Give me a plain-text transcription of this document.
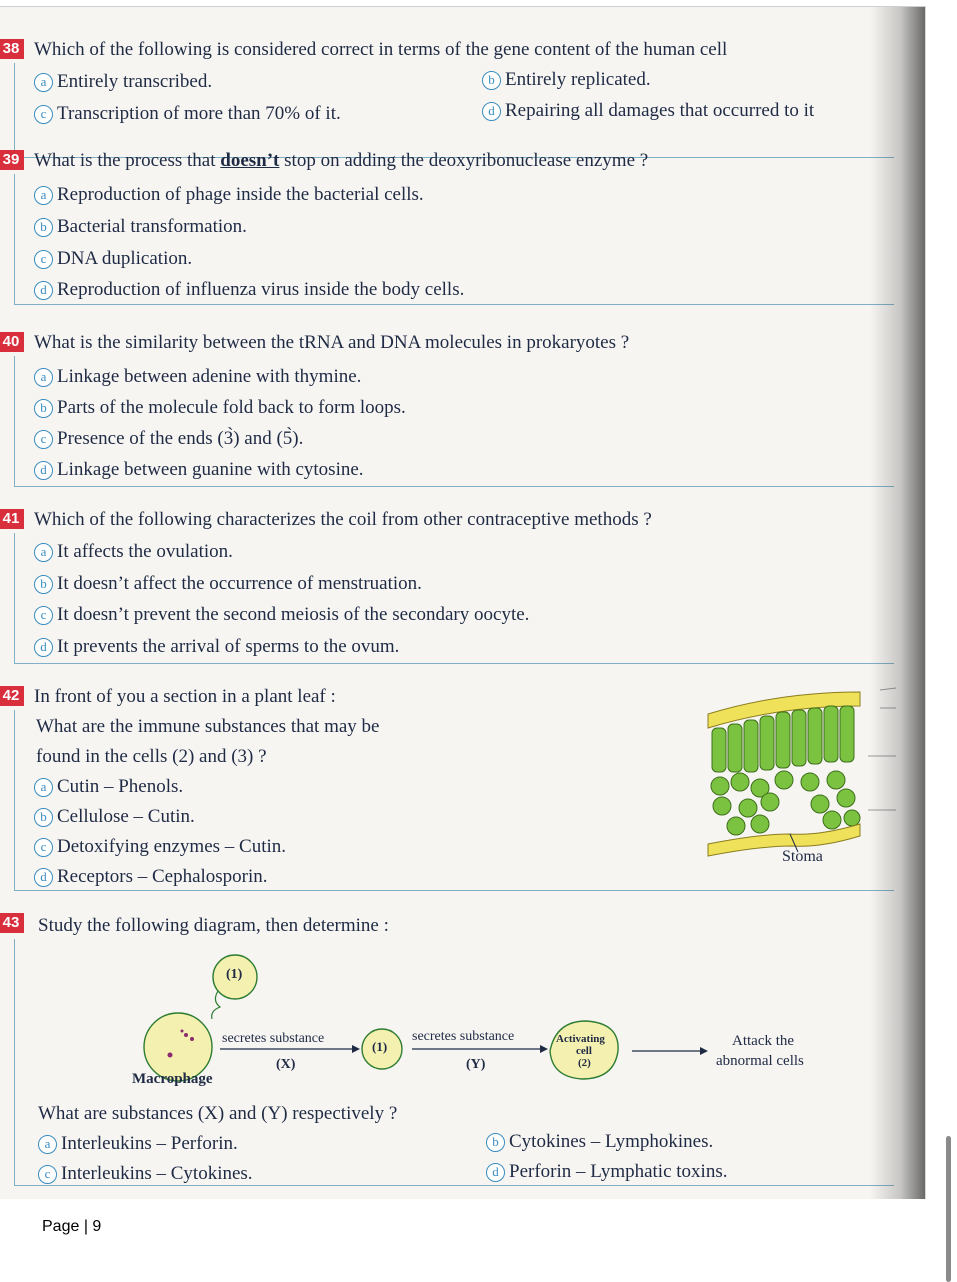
38 Which of the following is considered correct in terms of the gene content of the human cell
a Entirely transcribed.	b Entirely replicated.
c Transcription of more than 70% of it.	d Repairing all damages that occurred to it
39 What is the process that doesn’t stop on adding the deoxyribonuclease enzyme ?
a Reproduction of phage inside the bacterial cells.
b Bacterial transformation.
c DNA duplication.
d Reproduction of influenza virus inside the body cells.
40 What is the similarity between the tRNA and DNA molecules in prokaryotes ?
a Linkage between adenine with thymine.
b Parts of the molecule fold back to form loops.
c Presence of the ends (3̀) and (5̀).
d Linkage between guanine with cytosine.
41 Which of the following characterizes the coil from other contraceptive methods ?
a It affects the ovulation.
b It doesn’t affect the occurrence of menstruation.
c It doesn’t prevent the second meiosis of the secondary oocyte.
d It prevents the arrival of sperms to the ovum.
42 In front of you a section in a plant leaf :
What are the immune substances that may be
found in the cells (2) and (3) ?
a Cutin – Phenols.
b Cellulose – Cutin.
c Detoxifying enzymes – Cutin.
d Receptors – Cephalosporin.
Stoma
43 Study the following diagram, then determine :
(1)
secretes substance
(X)
(1)
secretes substance
(Y)
Activating
cell
(2)
Attack the
abnormal cells
Macrophage
What are substances (X) and (Y) respectively ?
a Interleukins – Perforin.	b Cytokines – Lymphokines.
c Interleukins – Cytokines.	d Perforin – Lymphatic toxins.
Page | 9
